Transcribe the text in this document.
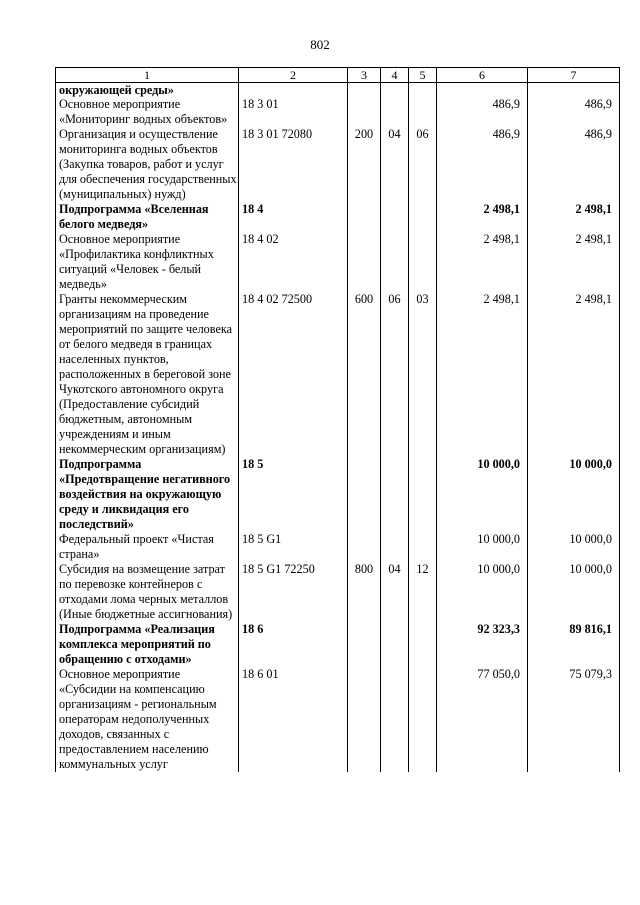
802
1	2	3	4	5	6	7
окружающей среды»						
Основное мероприятие «Мониторинг водных объектов»	18 3 01				486,9	486,9
Организация и осуществление мониторинга водных объектов (Закупка товаров, работ и услуг для обеспечения государственных (муниципальных) нужд)	18 3 01 72080	200	04	06	486,9	486,9
Подпрограмма «Вселенная белого медведя»	18 4				2 498,1	2 498,1
Основное мероприятие «Профилактика конфликтных ситуаций «Человек - белый медведь»	18 4 02				2 498,1	2 498,1
Гранты некоммерческим организациям на проведение мероприятий по защите человека от белого медведя в границах населенных пунктов, расположенных в береговой зоне Чукотского автономного округа (Предоставление субсидий бюджетным, автономным учреждениям и иным некоммерческим организациям)	18 4 02 72500	600	06	03	2 498,1	2 498,1
Подпрограмма «Предотвращение негативного воздействия на окружающую среду и ликвидация его последствий»	18 5				10 000,0	10 000,0
Федеральный проект «Чистая страна»	18 5 G1				10 000,0	10 000,0
Субсидия на возмещение затрат по перевозке контейнеров с отходами лома черных металлов (Иные бюджетные ассигнования)	18 5 G1 72250	800	04	12	10 000,0	10 000,0
Подпрограмма «Реализация комплекса мероприятий по обращению с отходами»	18 6				92 323,3	89 816,1
Основное мероприятие «Субсидии на компенсацию организациям - региональным операторам недополученных доходов, связанных с предоставлением населению коммунальных услуг	18 6 01				77 050,0	75 079,3
